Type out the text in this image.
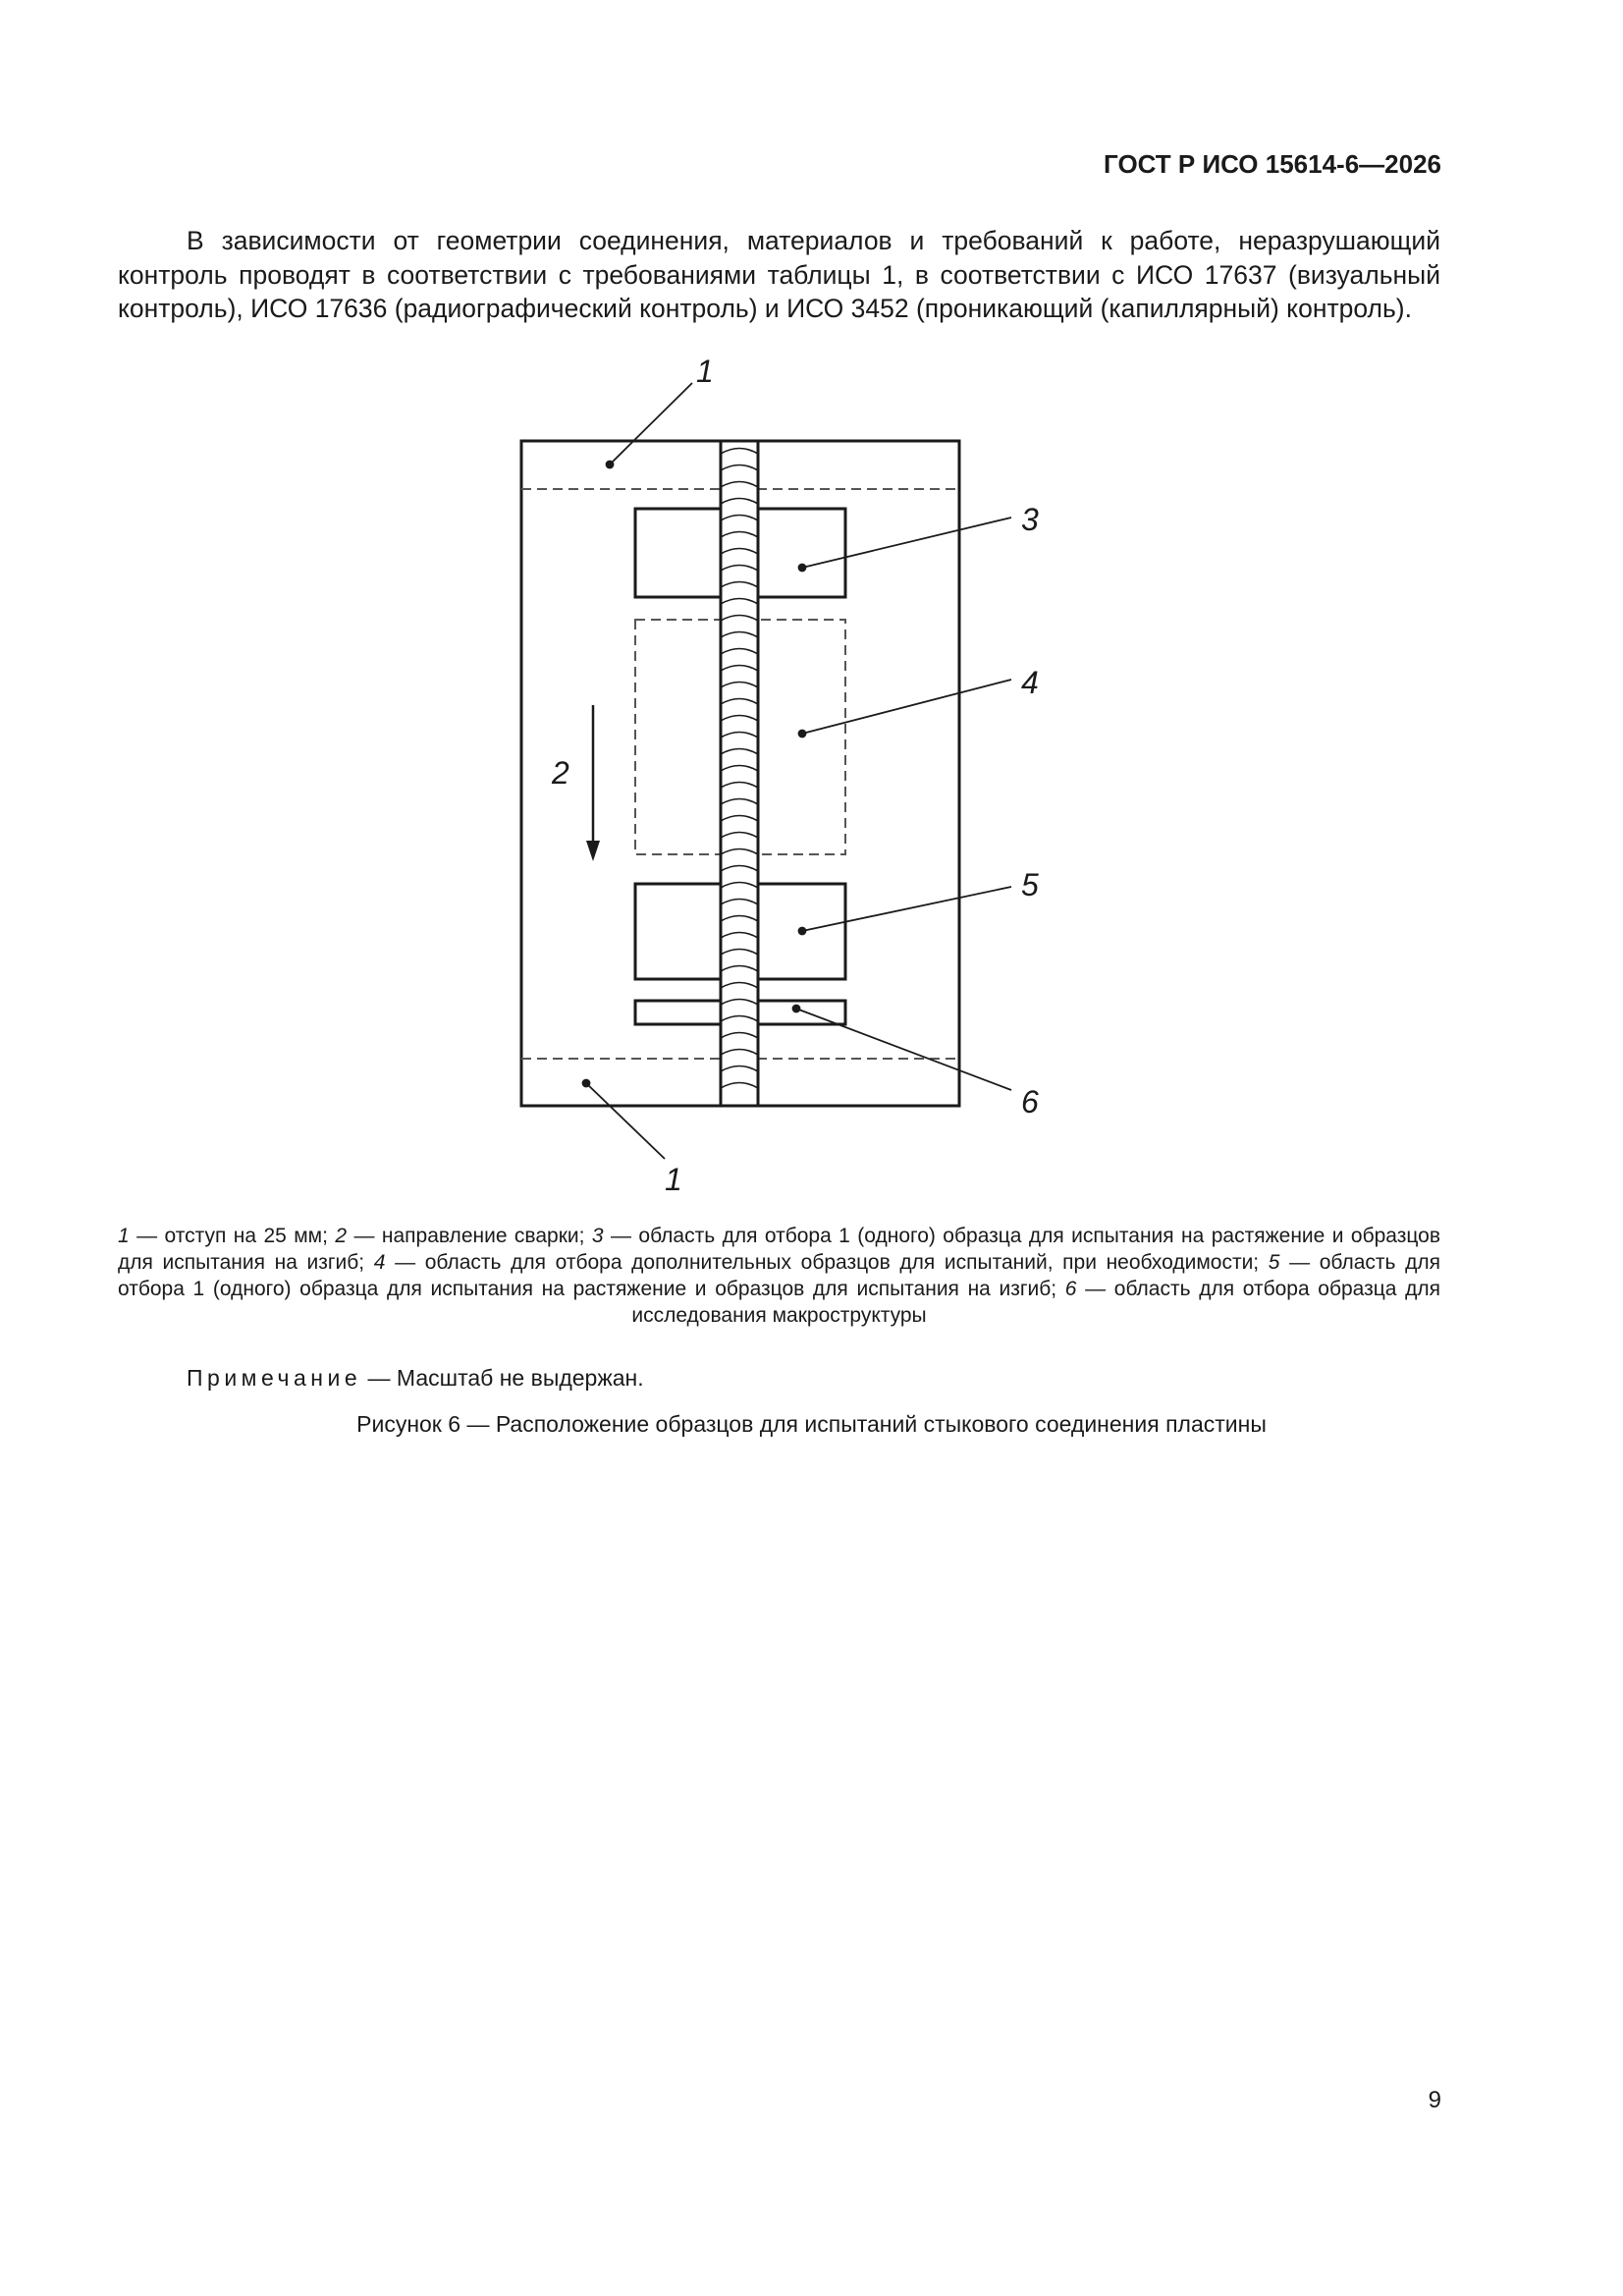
ГОСТ Р ИСО 15614-6—2026

В зависимости от геометрии соединения, материалов и требований к работе, неразрушающий контроль проводят в соответствии с требованиями таблицы 1, в соответствии с ИСО 17637 (визуальный контроль), ИСО 17636 (радиографический контроль) и ИСО 3452 (проникающий (капиллярный) контроль).

1
3
4
2
5
6
1

1 — отступ на 25 мм; 2 — направление сварки; 3 — область для отбора 1 (одного) образца для испытания на растяжение и образцов для испытания на изгиб; 4 — область для отбора дополнительных образцов для испытаний, при необходимости; 5 — область для отбора 1 (одного) образца для испытания на растяжение и образцов для испытания на изгиб; 6 — область для отбора образца для исследования макроструктуры

Примечание — Масштаб не выдержан.
Рисунок 6 — Расположение образцов для испытаний стыкового соединения пластины
9
